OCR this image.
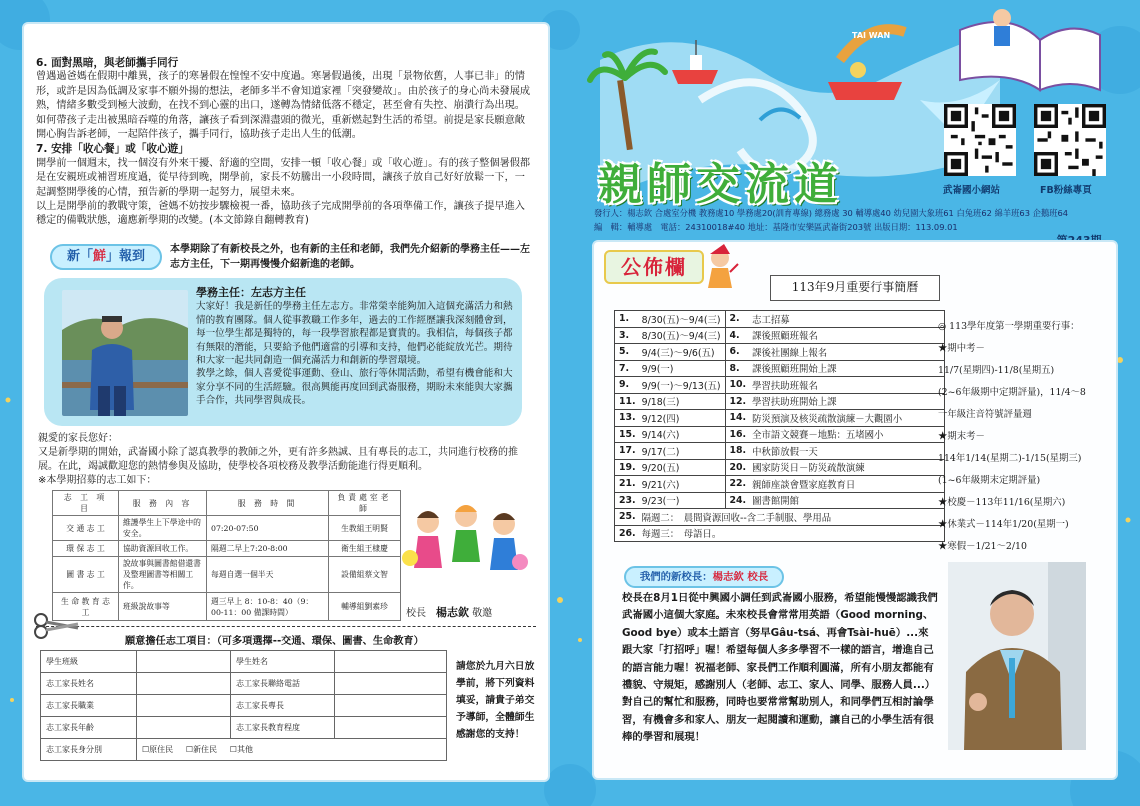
TAI WAN

6. 面對黑暗，與老師攜手同行

曾遇過爸媽在假期中離異，孩子的寒暑假在惶惶不安中度過。寒暑假過後，出現「景物依舊，人事已非」的情形，或許是因為低調及家事不願外揚的想法，老師多半不會知道家裡「突發變故」。由於孩子的身心尚未發展成熟，情緒多數受到極大波動，在找不到心靈的出口，遂轉為情緒低落不穩定，甚至會有失控、崩潰行為出現。如何帶孩子走出被黑暗吞噬的角落，讓孩子看到深淵盡頭的微光，重新燃起對生活的希望。前提是家長願意敞開心胸告訴老師，一起陪伴孩子，攜手同行，協助孩子走出人生的低潮。

7. 安排「收心餐」或「收心遊」

開學前一個週末，找一個沒有外來干擾、舒適的空間，安排一頓「收心餐」或「收心遊」。有的孩子整個暑假都是在安親班或補習班度過，從早待到晚，開學前，家長不妨騰出一小段時間，讓孩子放自己好好放鬆一下，一起調整開學後的心情，預告新的學期一起努力，展望未來。

以上是開學前的教戰守策，爸媽不妨按步驟檢視一番，協助孩子完成開學前的各項準備工作，讓孩子提早進入穩定的備戰狀態，適應新學期的改變。(本文節錄自翻轉教育)

新「鮮」報到	本學期除了有新校長之外，也有新的主任和老師，我們先介紹新的學務主任——左志方主任，下一期再慢慢介紹新進的老師。
學務主任：左志方主任
大家好！我是新任的學務主任左志方。非常榮幸能夠加入這個充滿活力和熱情的教育團隊。個人從事教職工作多年，過去的工作經歷讓我深刻體會到，每一位學生都是獨特的，每一段學習旅程都是寶貴的。我相信，每個孩子都有無限的潛能，只要給予他們適當的引導和支持，他們必能綻放光芒。期待和大家一起共同創造一個充滿活力和創新的學習環境。
教學之餘，個人喜愛從事運動、登山、旅行等休閒活動，希望有機會能和大家分享不同的生活經驗。很高興能再度回到武崙服務，期盼未來能與大家攜手合作，共同學習與成長。
親愛的家長您好：
又是新學期的開始，武崙國小除了認真教學的教師之外，更有許多熱誠、且有專長的志工，共同進行校務的推展。在此，竭誠歡迎您的熱情參與及協助，使學校各項校務及教學活動能進行得更順利。
※本學期招募的志工如下：
志 工 項 目	服 務 內 容	服 務 時 間	負責處室老師
交 通 志 工	維護學生上下學途中的安全。	07:20-07:50	生教組王明賢
環 保 志 工	協助資源回收工作。	隔週二早上7:20-8:00	衛生組王棣慶
圖 書 志 工	說故事與圖書館借還書及整理圖書等相關工作。	每週自選一個半天	設備組蔡文智
生 命 教 育 志 工	班級說故事等	週三早上 8：10-8：40（9：00-11：00 備課時間）	輔導組劉素珍
校長　 楊志欽 敬邀
願意擔任志工項目：（可多項選擇--交通、環保、圖書、生命教育）
學生班級		學生姓名	
志工家長姓名		志工家長聯絡電話	
志工家長職業		志工家長專長	
志工家長年齡		志工家長教育程度	
志工家長身分別	☐原住民 ☐新住民 ☐其他		
請您於九月六日放學前，將下列資料填妥，請貴子弟交予導師，全體師生感謝您的支持！
親師交流道	武崙國小網站	FB粉絲專頁
發行人：楊志欽 合處室分機 教務處10 學務處20(訓育專線) 總務處 30 輔導處40 幼兒園大象班61 白兔班62 綿羊班63 企鵝班64
編　輯：輔導處　電話：24310018#40 地址：基隆市安樂區武崙街203號 出版日期：113.09.01
公佈欄
113年9月重要行事簡曆
1.	8/30(五)～9/4(三)	2.	志工招募
3.	8/30(五)～9/4(三)	4.	課後照顧班報名
5.	9/4(三)～9/6(五)	6.	課後社團線上報名
7.	9/9(一)	8.	課後照顧班開始上課
9.	9/9(一)～9/13(五)	10.	學習扶助班報名
11.	9/18(三)	12.	學習扶助班開始上課
13.	9/12(四)	14.	防災預演及核災疏散演練－大觀園小
15.	9/14(六)	16.	全市語文競賽－地點：五堵國小
17.	9/17(二)	18.	中秋節放假一天
19.	9/20(五)	20.	國家防災日－防災疏散演練
21.	9/21(六)	22.	親師座談會暨家庭教育日
23.	9/23(一)	24.	圖書館開館
25.	隔週二：　晨間資源回收--含二手制服、學用品		
26.	每週三：　母語日。		
◎ 113學年度第一學期重要行事：
★期中考－
11/7(星期四)-11/8(星期五)
(2~6年級期中定期評量)，11/4～8
一年級注音符號評量週
★期末考－
114年1/14(星期二)-1/15(星期三)
(1~6年級期末定期評量)
★校慶－113年11/16(星期六)
★休業式－114年1/20(星期一)
★寒假－1/21～2/10
我們的新校長：楊志欽 校長
校長在8月1日從中興國小調任到武崙國小服務，希望能慢慢認識我們武崙國小這個大家庭。未來校長會常常用英語（Good morning、Good bye）或本土語言（努早Gâu-tsá、再會Tsài-huē）...來跟大家「打招呼」喔！希望每個人多多學習不一樣的語言，增進自己的語言能力喔！祝福老師、家長們工作順利圓滿，所有小朋友都能有禮貌、守規矩，感謝別人（老師、志工、家人、同學、服務人員...）對自己的幫忙和服務，同時也要常常幫助別人，和同學們互相討論學習，有機會多和家人、朋友一起閱讀和運動，讓自己的小學生活有很棒的學習和展現！
